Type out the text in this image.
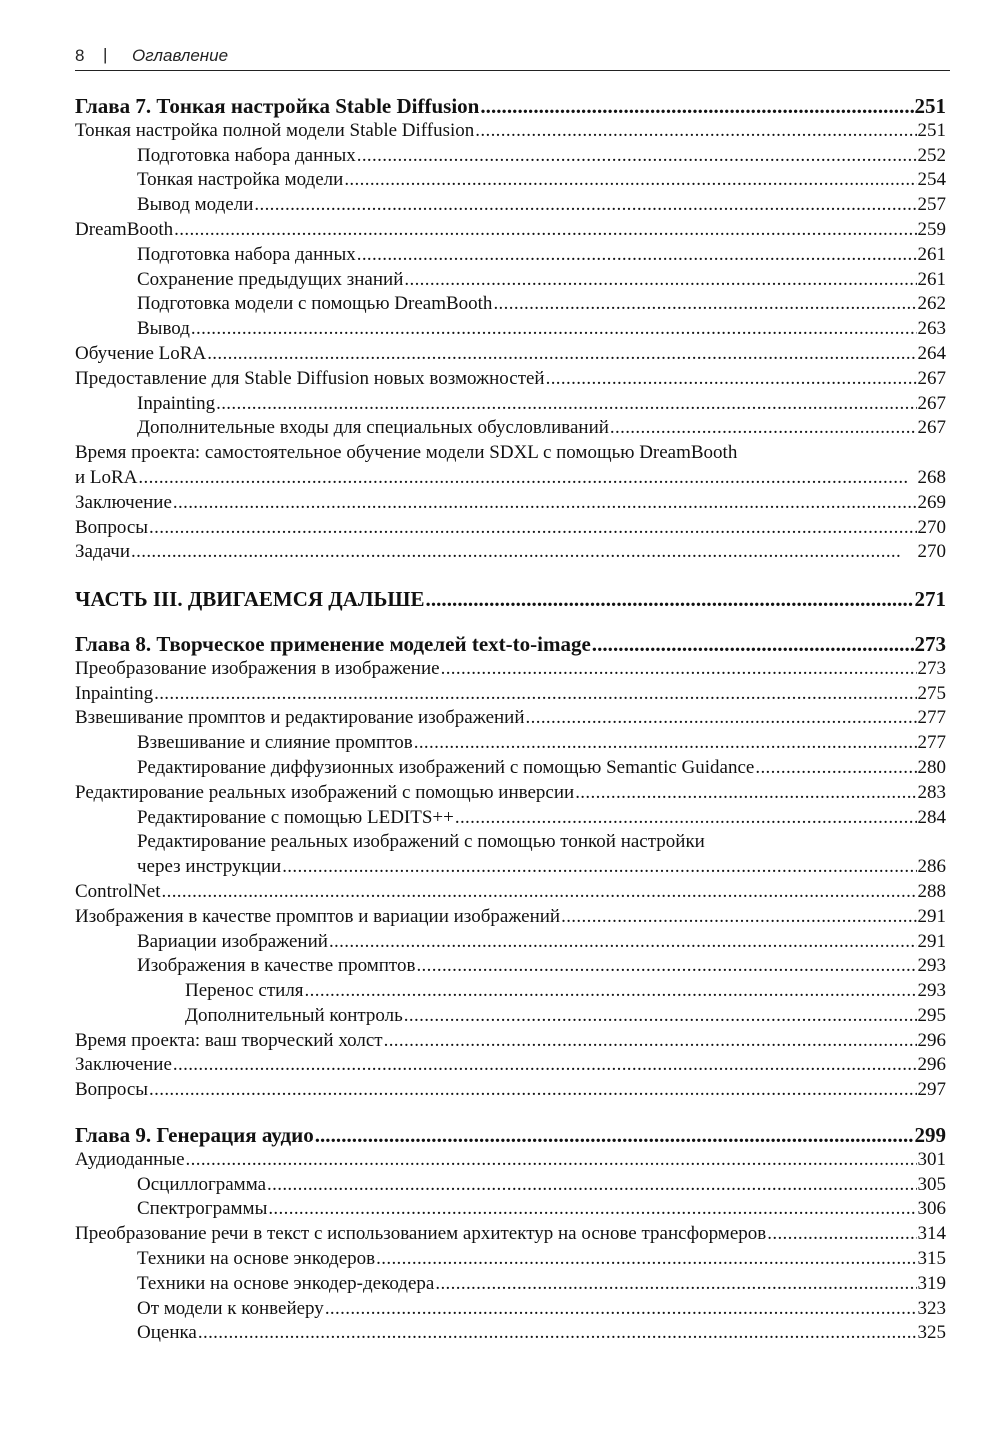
8 | Оглавление
Глава 7. Тонкая настройка Stable Diffusion . . .	251
Тонкая настройка полной модели Stable Diffusion . . .	251
Подготовка набора данных . . .	252
Тонкая настройка модели . . .	254
Вывод модели . . .	257
DreamBooth . . .	259
Подготовка набора данных . . .	261
Сохранение предыдущих знаний . . .	261
Подготовка модели с помощью DreamBooth . . .	262
Вывод . . .	263
Обучение LoRA . . .	264
Предоставление для Stable Diffusion новых возможностей . . .	267
Inpainting . . .	267
Дополнительные входы для специальных обусловливаний . . .	267
Время проекта: самостоятельное обучение модели SDXL с помощью DreamBooth
и LoRA . . .	268
Заключение . . .	269
Вопросы . . .	270
Задачи . . .	270
ЧАСТЬ III. ДВИГАЕМСЯ ДАЛЬШЕ . . .	271
Глава 8. Творческое применение моделей text-to-image . . .	273
Преобразование изображения в изображение . . .	273
Inpainting . . .	275
Взвешивание промптов и редактирование изображений . . .	277
Взвешивание и слияние промптов . . .	277
Редактирование диффузионных изображений с помощью Semantic Guidance . . .	280
Редактирование реальных изображений с помощью инверсии . . .	283
Редактирование с помощью LEDITS++ . . .	284
Редактирование реальных изображений с помощью тонкой настройки
через инструкции . . .	286
ControlNet . . .	288
Изображения в качестве промптов и вариации изображений . . .	291
Вариации изображений . . .	291
Изображения в качестве промптов . . .	293
Перенос стиля . . .	293
Дополнительный контроль . . .	295
Время проекта: ваш творческий холст . . .	296
Заключение . . .	296
Вопросы . . .	297
Глава 9. Генерация аудио . . .	299
Аудиоданные . . .	301
Осциллограмма . . .	305
Спектрограммы . . .	306
Преобразование речи в текст с использованием архитектур на основе трансформеров . . .	314
Техники на основе энкодеров . . .	315
Техники на основе энкодер-декодера . . .	319
От модели к конвейеру . . .	323
Оценка . . .	325
